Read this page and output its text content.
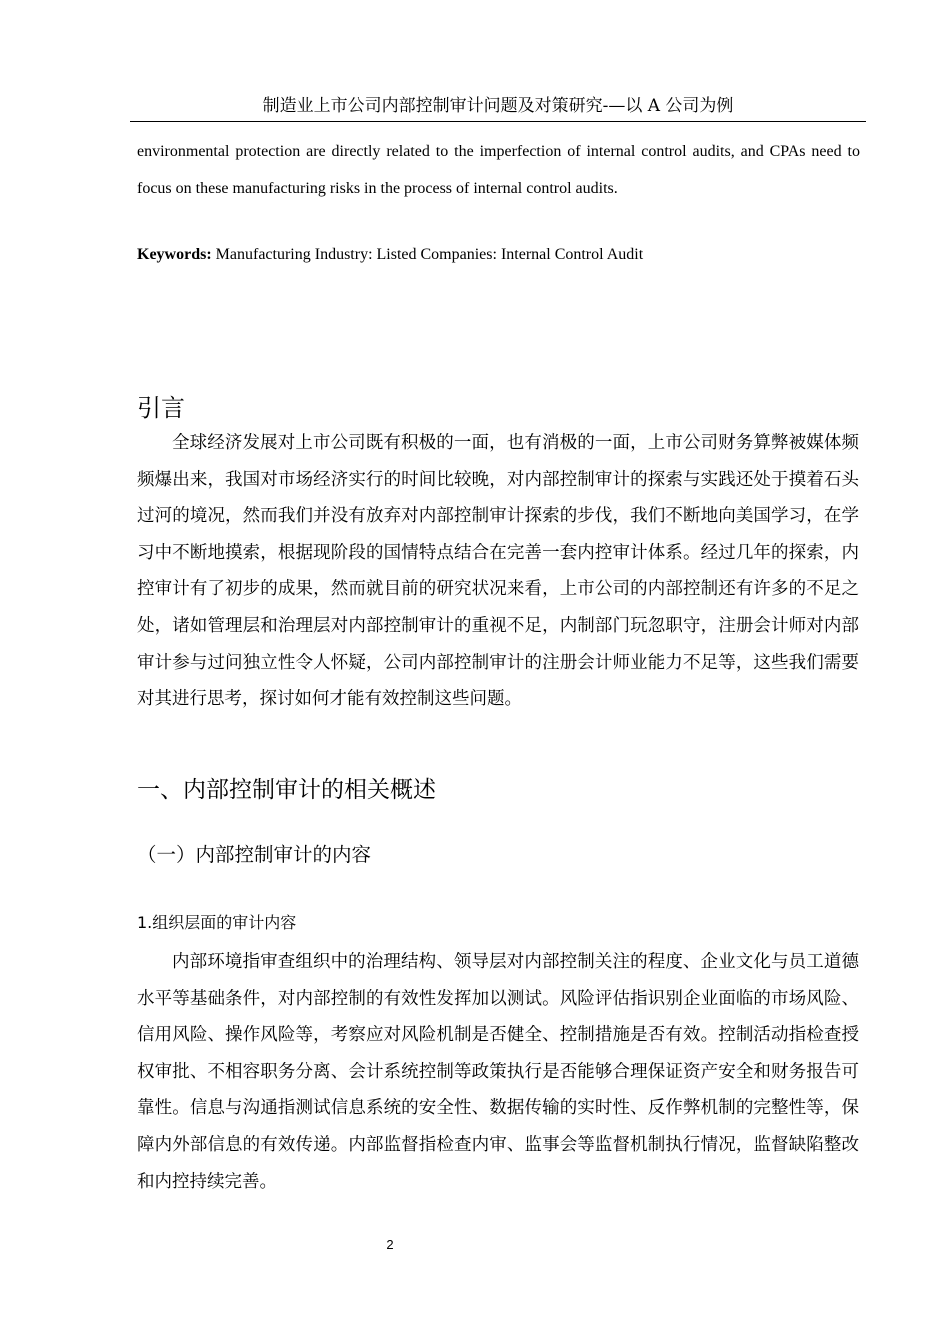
制造业上市公司内部控制审计问题及对策研究-—以 A 公司为例

environmental protection are directly related to the imperfection of internal control audits, and CPAs need to focus on these manufacturing risks in the process of internal control audits.

Keywords: Manufacturing Industry: Listed Companies: Internal Control Audit

引言

全球经济发展对上市公司既有积极的一面，也有消极的一面，上市公司财务算弊被媒体频频爆出来，我国对市场经济实行的时间比较晚，对内部控制审计的探索与实践还处于摸着石头过河的境况，然而我们并没有放弃对内部控制审计探索的步伐，我们不断地向美国学习，在学习中不断地摸索，根据现阶段的国情特点结合在完善一套内控审计体系。经过几年的探索，内控审计有了初步的成果，然而就目前的研究状况来看，上市公司的内部控制还有许多的不足之处，诸如管理层和治理层对内部控制审计的重视不足，内制部门玩忽职守，注册会计师对内部审计参与过问独立性令人怀疑，公司内部控制审计的注册会计师业能力不足等，这些我们需要对其进行思考，探讨如何才能有效控制这些问题。

一、内部控制审计的相关概述
（一）内部控制审计的内容
1.组织层面的审计内容

内部环境指审查组织中的治理结构、领导层对内部控制关注的程度、企业文化与员工道德水平等基础条件，对内部控制的有效性发挥加以测试。风险评估指识别企业面临的市场风险、信用风险、操作风险等，考察应对风险机制是否健全、控制措施是否有效。控制活动指检查授权审批、不相容职务分离、会计系统控制等政策执行是否能够合理保证资产安全和财务报告可靠性。信息与沟通指测试信息系统的安全性、数据传输的实时性、反作弊机制的完整性等，保障内外部信息的有效传递。内部监督指检查内审、监事会等监督机制执行情况，监督缺陷整改和内控持续完善。

2
